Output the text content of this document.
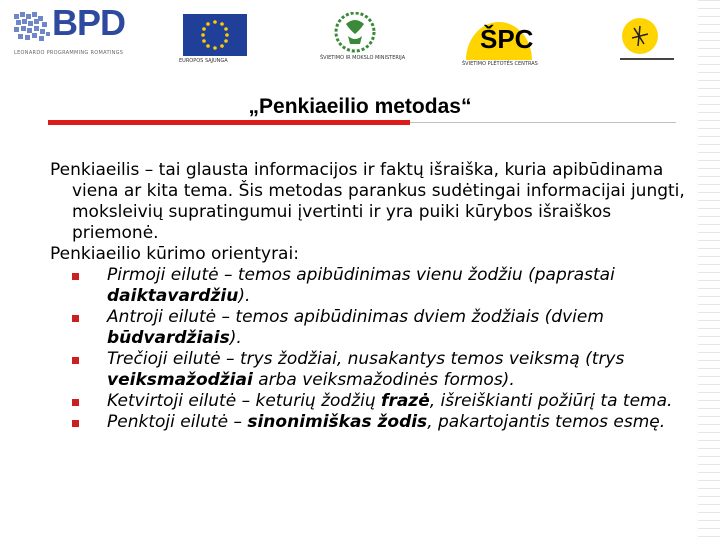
BPD
LEONARDO PROGRAMMING ROMATINGS
EUROPOS SĄJUNGA	ŠVIETIMO IR MOKSLO MINISTERIJA
ŠPC
ŠVIETIMO PLĖTOTĖS CENTRAS
„Penkiaeilio metodas“

Penkiaeilis – tai glausta informacijos ir faktų išraiška, kuria apibūdinama viena ar kita tema. Šis metodas parankus sudėtingai informacijai jungti, moksleivių supratingumui įvertinti ir yra puiki kūrybos išraiškos priemonė.

Penkiaeilio kūrimo orientyrai:

Pirmoji eilutė – temos apibūdinimas vienu žodžiu (paprastai daiktavardžiu).
Antroji eilutė – temos apibūdinimas dviem žodžiais (dviem būdvardžiais).
Trečioji eilutė – trys žodžiai, nusakantys temos veiksmą (trys veiksmažodžiai arba veiksmažodinės formos).
Ketvirtoji eilutė – keturių žodžių frazė, išreiškianti požiūrį ta tema.
Penktoji eilutė – sinonimiškas žodis, pakartojantis temos esmę.
